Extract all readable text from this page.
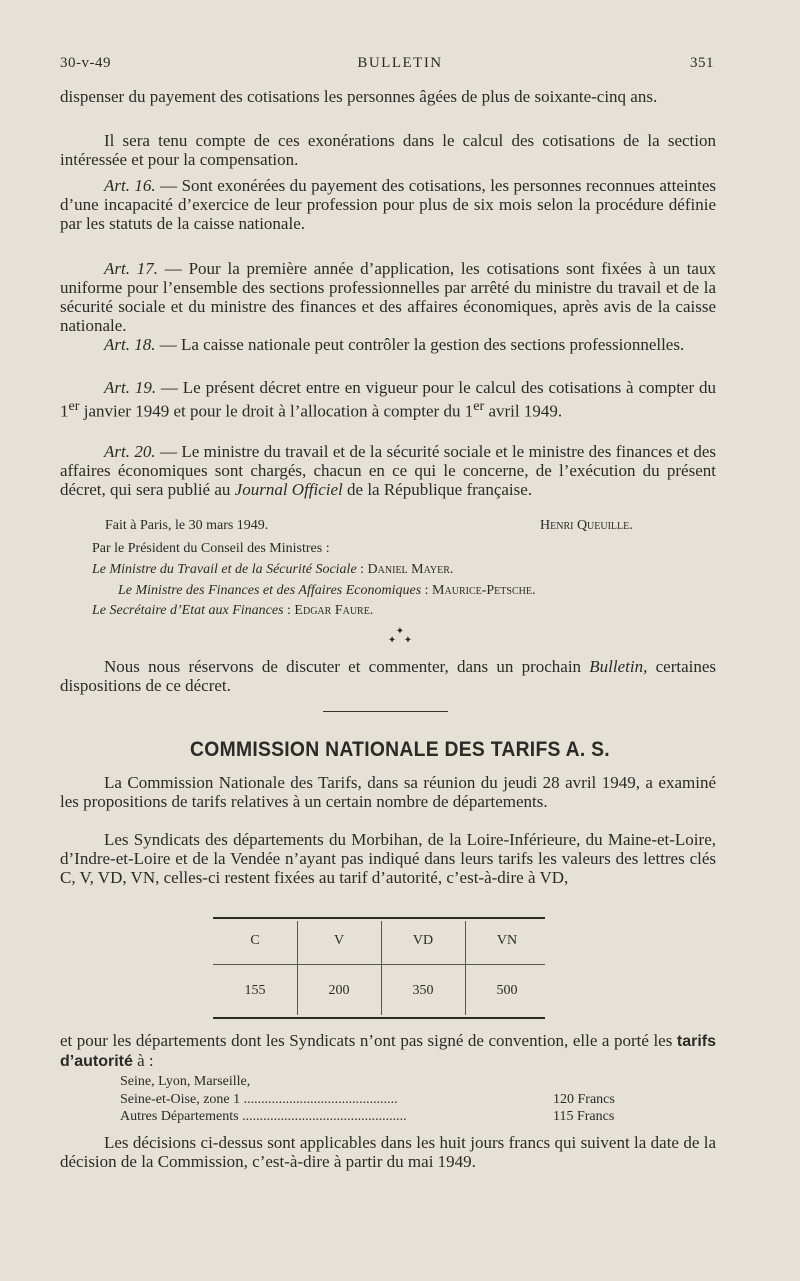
BULLETIN
30-v-49	351

dispenser du payement des cotisations les personnes âgées de plus de soixante-cinq ans.

Il sera tenu compte de ces exonérations dans le calcul des cotisations de la section intéressée et pour la compensation.

Art. 16. — Sont exonérées du payement des cotisations, les personnes reconnues atteintes d’une incapacité d’exercice de leur profession pour plus de six mois selon la procédure définie par les statuts de la caisse nationale.

Art. 17. — Pour la première année d’application, les cotisations sont fixées à un taux uniforme pour l’ensemble des sections professionnelles par arrêté du ministre du travail et de la sécurité sociale et du ministre des finances et des affaires économiques, après avis de la caisse nationale.

Art. 18. — La caisse nationale peut contrôler la gestion des sections professionnelles.

Art. 19. — Le présent décret entre en vigueur pour le calcul des cotisations à compter du 1er janvier 1949 et pour le droit à l’allocation à compter du 1er avril 1949.

Art. 20. — Le ministre du travail et de la sécurité sociale et le ministre des finances et des affaires économiques sont chargés, chacun en ce qui le concerne, de l’exécution du présent décret, qui sera publié au Journal Officiel de la République française.

Fait à Paris, le 30 mars 1949.	Henri Queuille.
Par le Président du Conseil des Ministres :
Le Ministre du Travail et de la Sécurité Sociale : Daniel Mayer.
Le Ministre des Finances et des Affaires Economiques : Maurice-Petsche.
Le Secrétaire d’Etat aux Finances : Edgar Faure.
✦
✦   ✦

Nous nous réservons de discuter et commenter, dans un prochain Bulletin, certaines dispositions de ce décret.

COMMISSION NATIONALE DES TARIFS A. S.

La Commission Nationale des Tarifs, dans sa réunion du jeudi 28 avril 1949, a examiné les propositions de tarifs relatives à un certain nombre de départements.

Les Syndicats des départements du Morbihan, de la Loire-Inférieure, du Maine-et-Loire, d’Indre-et-Loire et de la Vendée n’ayant pas indiqué dans leurs tarifs les valeurs des lettres clés C, V, VD, VN, celles-ci restent fixées au tarif d’autorité, c’est-à-dire à VD,

C	V	VD	VN
155	200	350	500

et pour les départements dont les Syndicats n’ont pas signé de convention, elle a porté les tarifs d’autorité à :

Seine, Lyon, Marseille,
Seine-et-Oise, zone 1 ............................................	120 Francs
Autres Départements ...............................................	115 Francs

Les décisions ci-dessus sont applicables dans les huit jours francs qui suivent la date de la décision de la Commission, c’est-à-dire à partir du mai 1949.
